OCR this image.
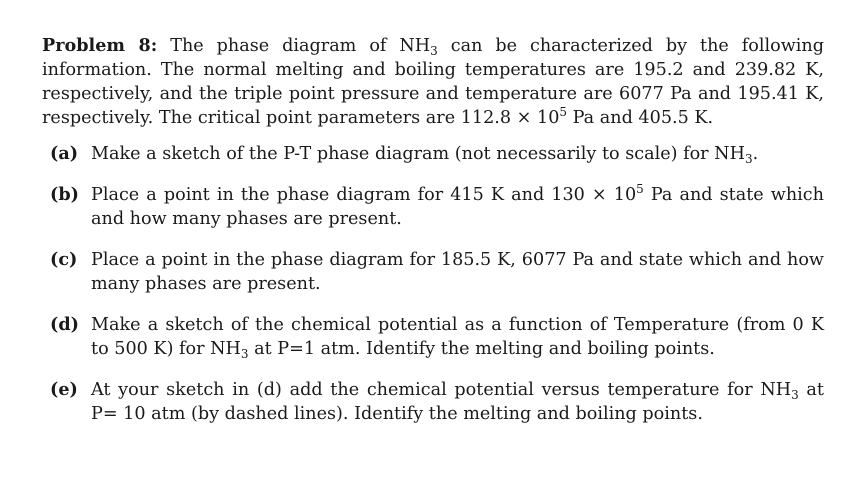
Problem 8: The phase diagram of $NH_3$ can be characterized by the following information. The normal melting and boiling temperatures are 195.2 and 239.82 K, respectively, and the triple point pressure and temperature are 6077 Pa and 195.41 K, respectively. The critical point parameters are $112.8 \times 10^5$ Pa and 405.5 K.

(a) Make a sketch of the P-T phase diagram (not necessarily to scale) for $NH_3$.
(b) Place a point in the phase diagram for 415 K and $130 \times 10^5$ Pa and state which and how many phases are present.
(c) Place a point in the phase diagram for 185.5 K, 6077 Pa and state which and how many phases are present.
(d) Make a sketch of the chemical potential as a function of Temperature (from 0 K to 500 K) for $NH_3$ at P=1 atm. Identify the melting and boiling points.
(e) At your sketch in (d) add the chemical potential versus temperature for $NH_3$ at P= 10 atm (by dashed lines). Identify the melting and boiling points.
